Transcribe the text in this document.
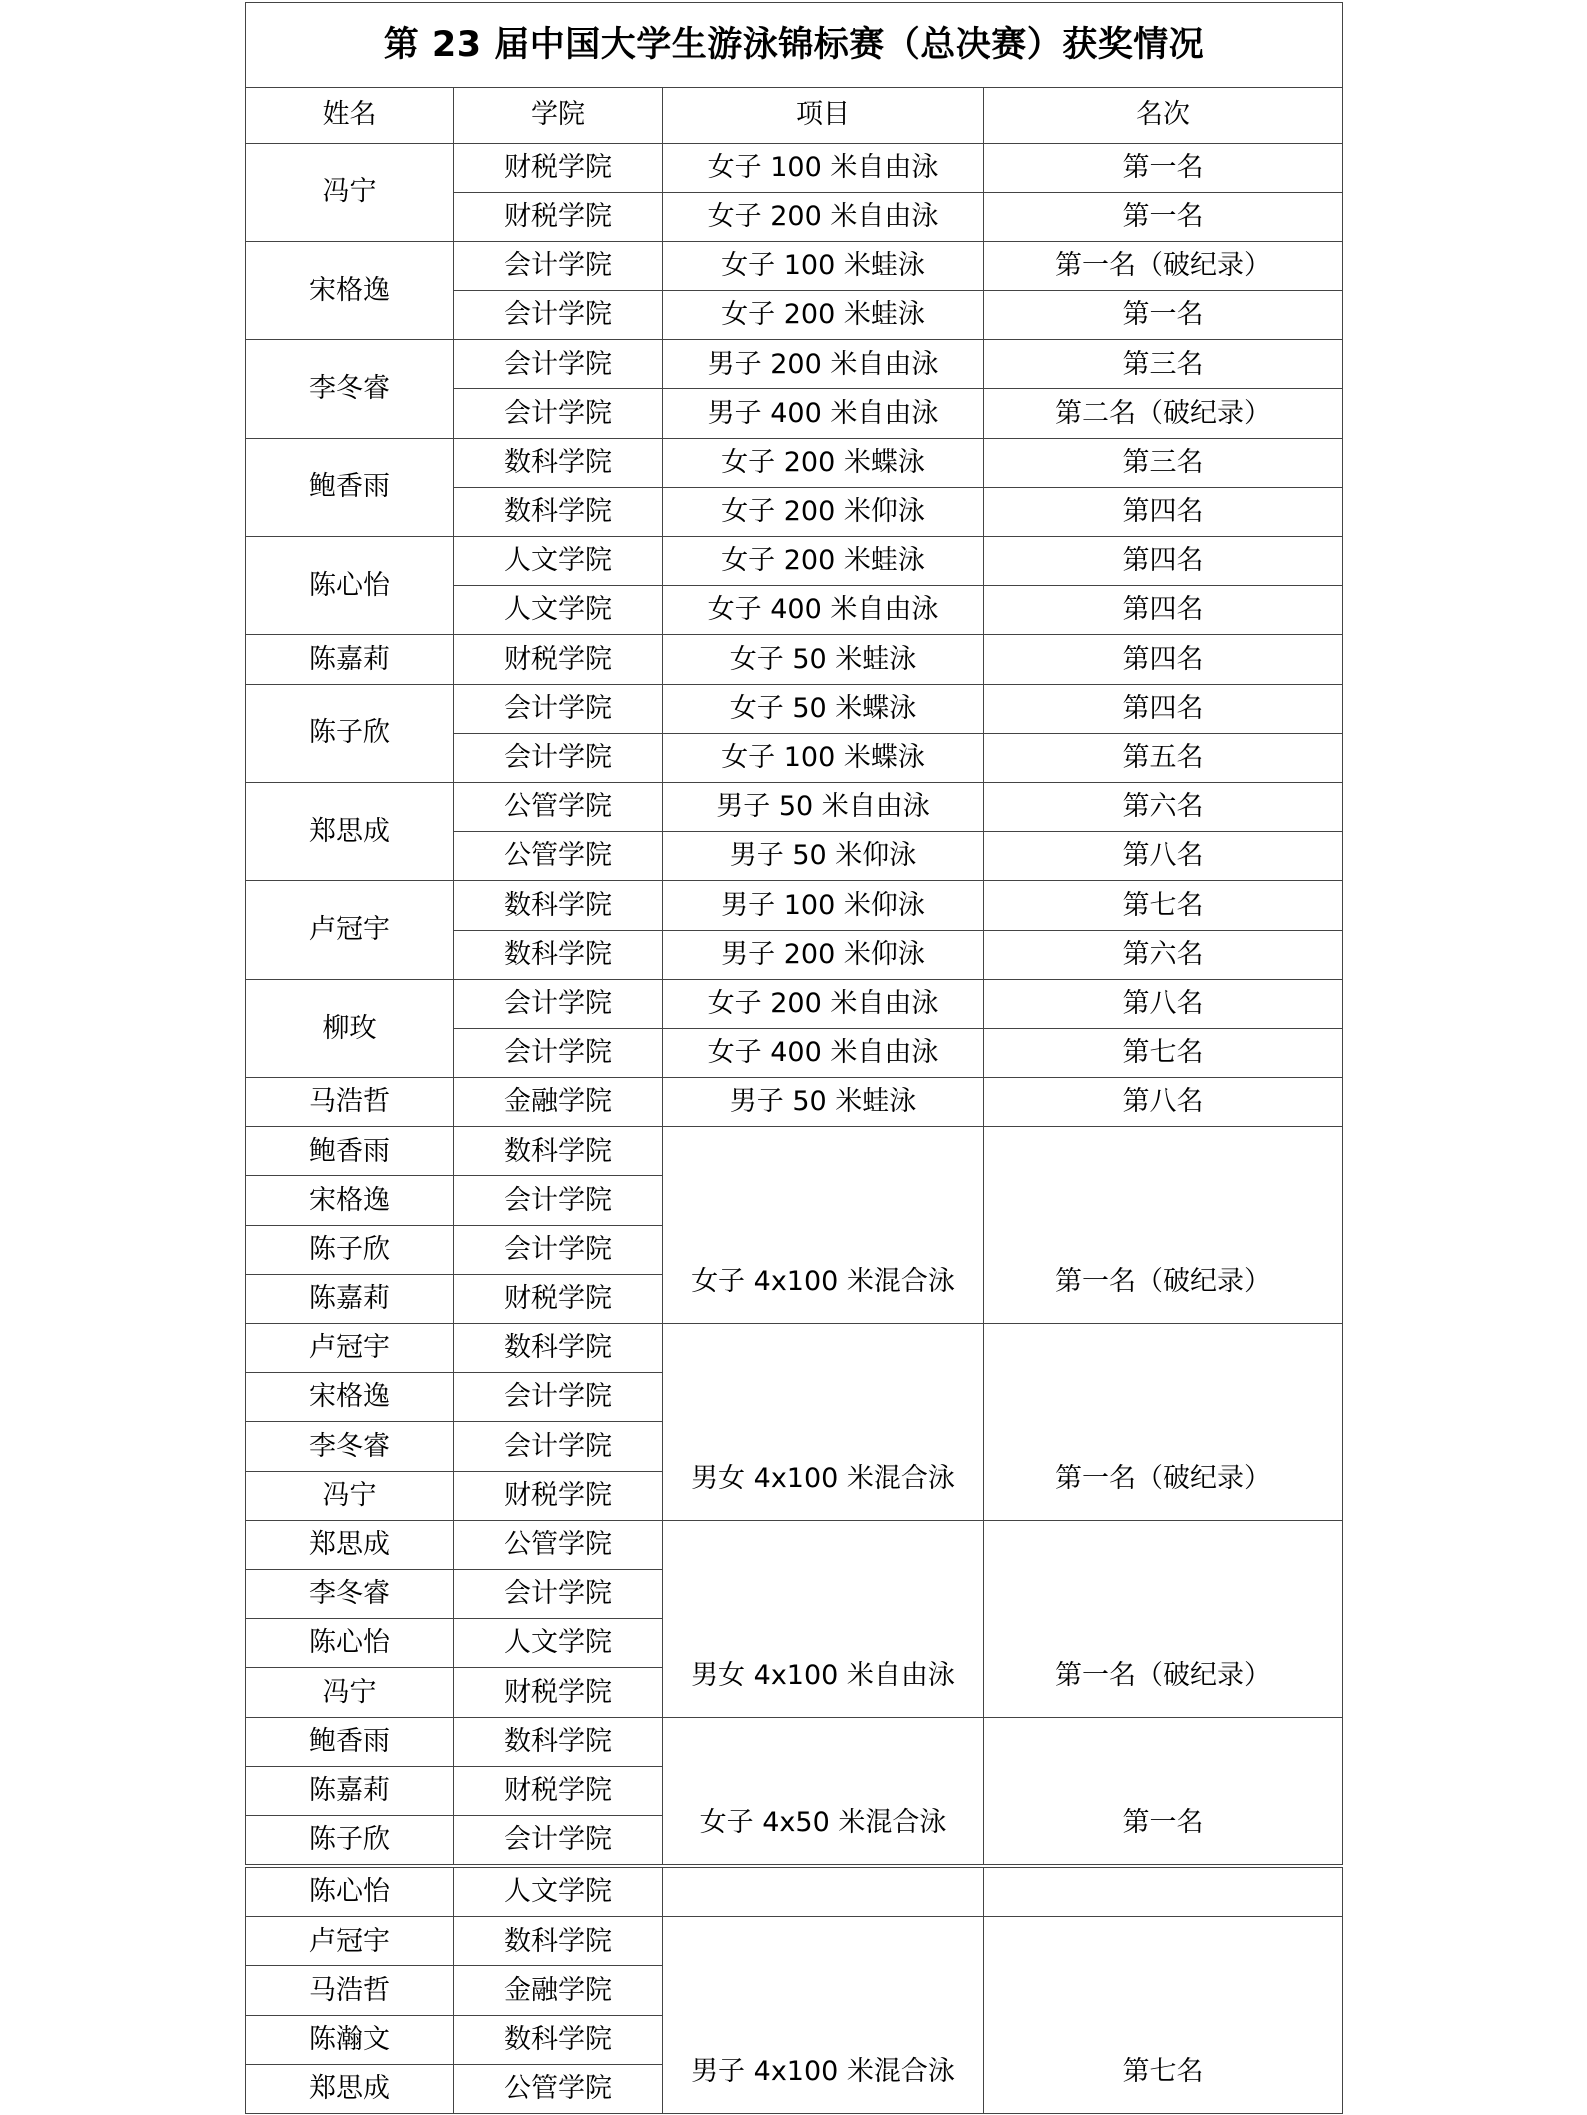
第 23 届中国大学生游泳锦标赛（总决赛）获奖情况			
姓名	学院	项目	名次
冯宁	财税学院	女子 100 米自由泳	第一名
	财税学院	女子 200 米自由泳	第一名
宋格逸	会计学院	女子 100 米蛙泳	第一名（破纪录）
	会计学院	女子 200 米蛙泳	第一名
李冬睿	会计学院	男子 200 米自由泳	第三名
	会计学院	男子 400 米自由泳	第二名（破纪录）
鲍香雨	数科学院	女子 200 米蝶泳	第三名
	数科学院	女子 200 米仰泳	第四名
陈心怡	人文学院	女子 200 米蛙泳	第四名
	人文学院	女子 400 米自由泳	第四名
陈嘉莉	财税学院	女子 50 米蛙泳	第四名
陈子欣	会计学院	女子 50 米蝶泳	第四名
	会计学院	女子 100 米蝶泳	第五名
郑思成	公管学院	男子 50 米自由泳	第六名
	公管学院	男子 50 米仰泳	第八名
卢冠宇	数科学院	男子 100 米仰泳	第七名
	数科学院	男子 200 米仰泳	第六名
柳玫	会计学院	女子 200 米自由泳	第八名
	会计学院	女子 400 米自由泳	第七名
马浩哲	金融学院	男子 50 米蛙泳	第八名
鲍香雨	数科学院	女子 4x100 米混合泳	第一名（破纪录）
宋格逸	会计学院		
陈子欣	会计学院		
陈嘉莉	财税学院		
卢冠宇	数科学院	男女 4x100 米混合泳	第一名（破纪录）
宋格逸	会计学院		
李冬睿	会计学院		
冯宁	财税学院		
郑思成	公管学院	男女 4x100 米自由泳	第一名（破纪录）
李冬睿	会计学院		
陈心怡	人文学院		
冯宁	财税学院		
鲍香雨	数科学院	女子 4x50 米混合泳	第一名
陈嘉莉	财税学院		
陈子欣	会计学院		

陈心怡	人文学院		
卢冠宇	数科学院	男子 4x100 米混合泳	第七名
马浩哲	金融学院		
陈瀚文	数科学院		
郑思成	公管学院		
